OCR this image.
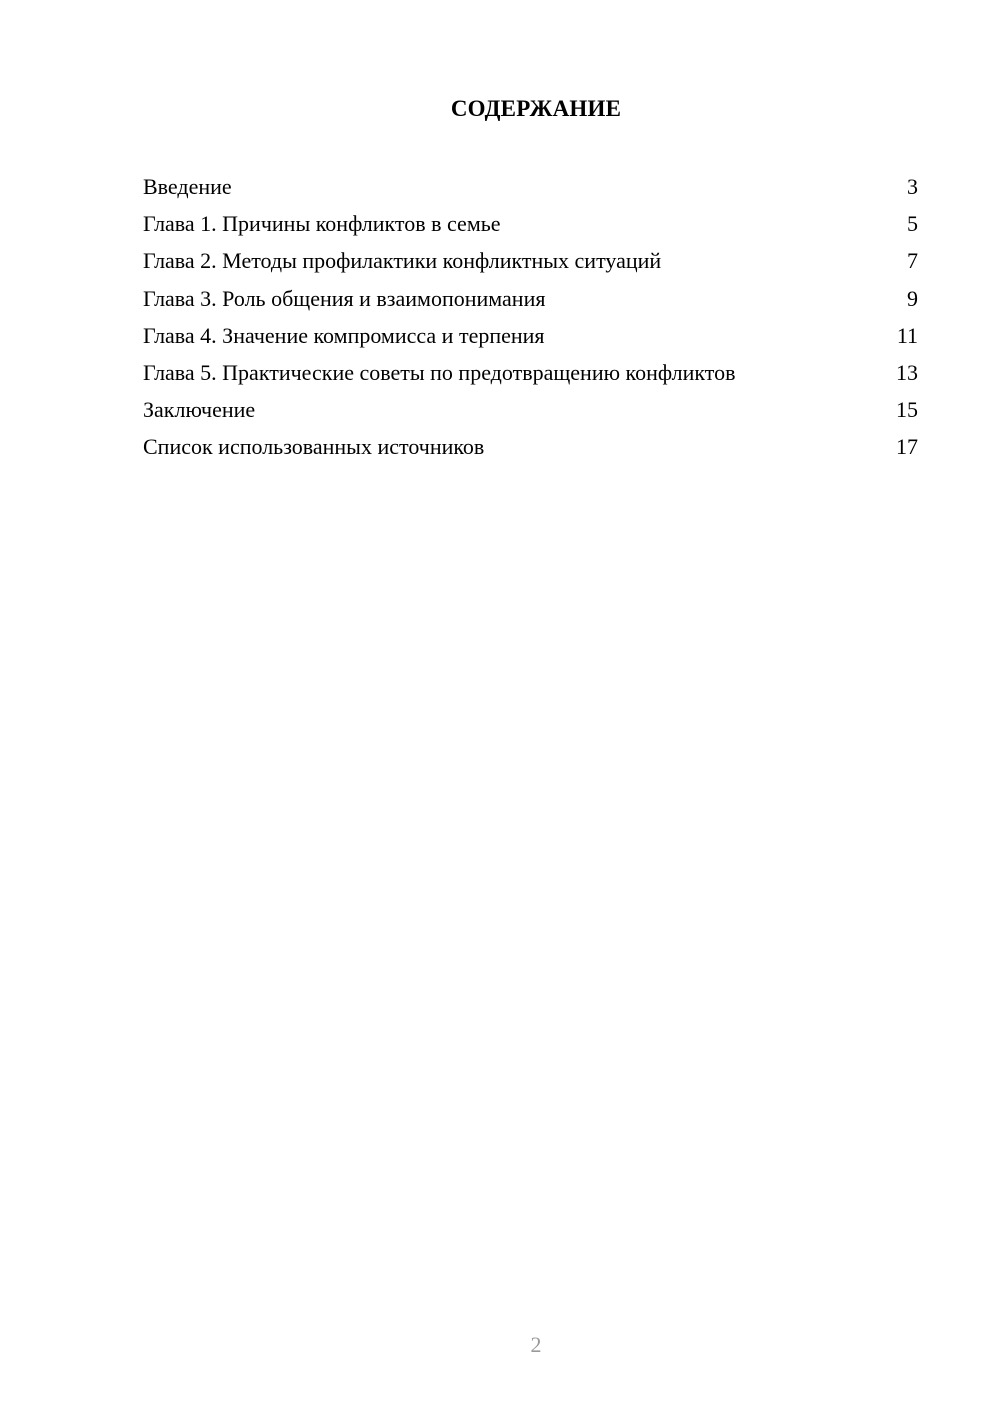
СОДЕРЖАНИЕ
Введение	3
Глава 1. Причины конфликтов в семье	5
Глава 2. Методы профилактики конфликтных ситуаций	7
Глава 3. Роль общения и взаимопонимания	9
Глава 4. Значение компромисса и терпения	11
Глава 5. Практические советы по предотвращению конфликтов	13
Заключение	15
Список использованных источников	17
2
